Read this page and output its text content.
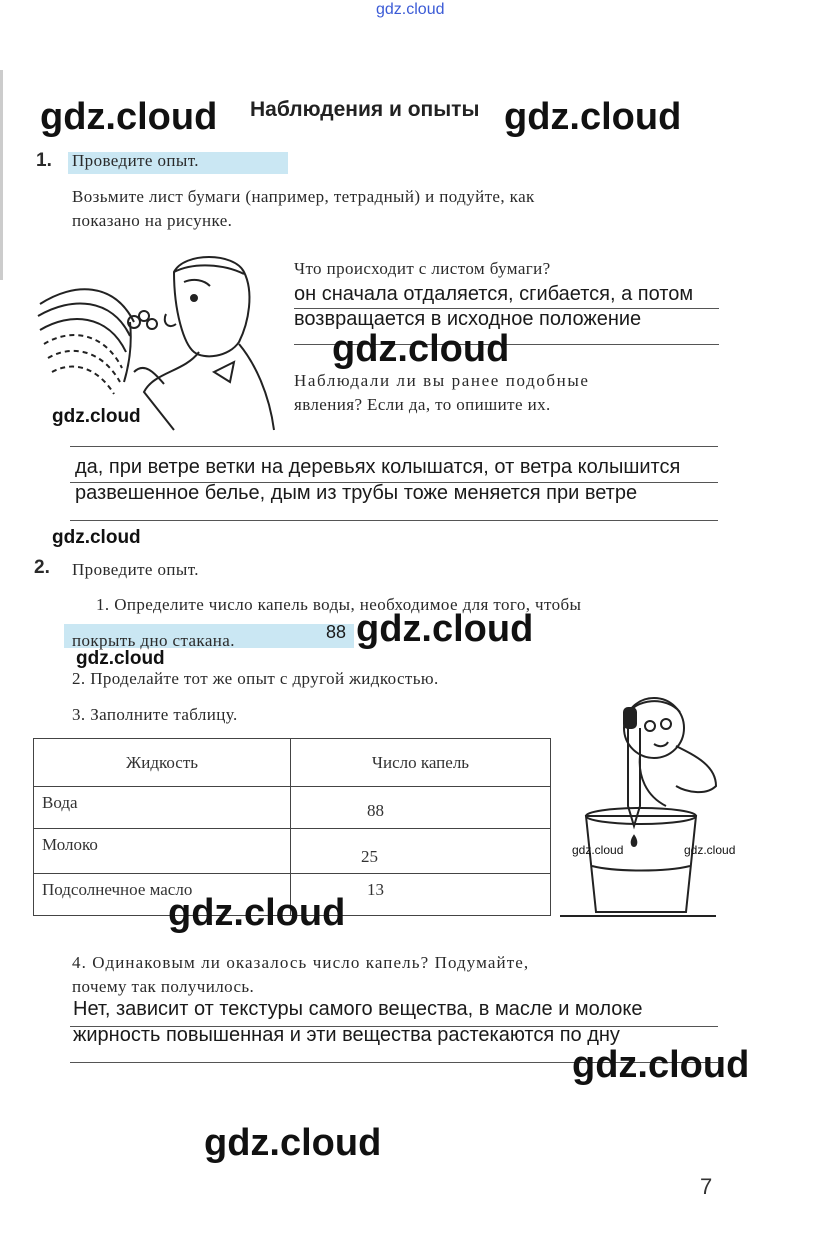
gdz.cloud
Наблюдения и опыты
1. Проведите опыт.
Возьмите лист бумаги (например, тетрадный) и подуйте, как
показано на рисунке.
Что происходит с листом бумаги?
он сначала отдаляется, сгибается, а потом
возвращается в исходное положение
Наблюдали ли вы ранее подобные
явления? Если да, то опишите их.
да, при ветре ветки на деревьях колышатся, от ветра колышится
развешенное белье, дым из трубы тоже меняется при ветре
2. Проведите опыт.
1. Определите число капель воды, необходимое для того, чтобы
покрыть дно стакана.	88
2. Проделайте тот же опыт с другой жидкостью.
3. Заполните таблицу.
Жидкость	Число капель
Вода	88
Молоко	25
Подсолнечное масло	13
4. Одинаковым ли оказалось число капель? Подумайте,
почему так получилось.
Нет, зависит от текстуры самого вещества, в масле и молоке
жирность повышенная и эти вещества растекаются по дну
7
gdz.cloud	gdz.cloud
gdz.cloud
gdz.cloud
gdz.cloud
gdz.cloud
gdz.cloud
gdz.cloud	gdz.cloud
gdz.cloud
gdz.cloud
gdz.cloud
